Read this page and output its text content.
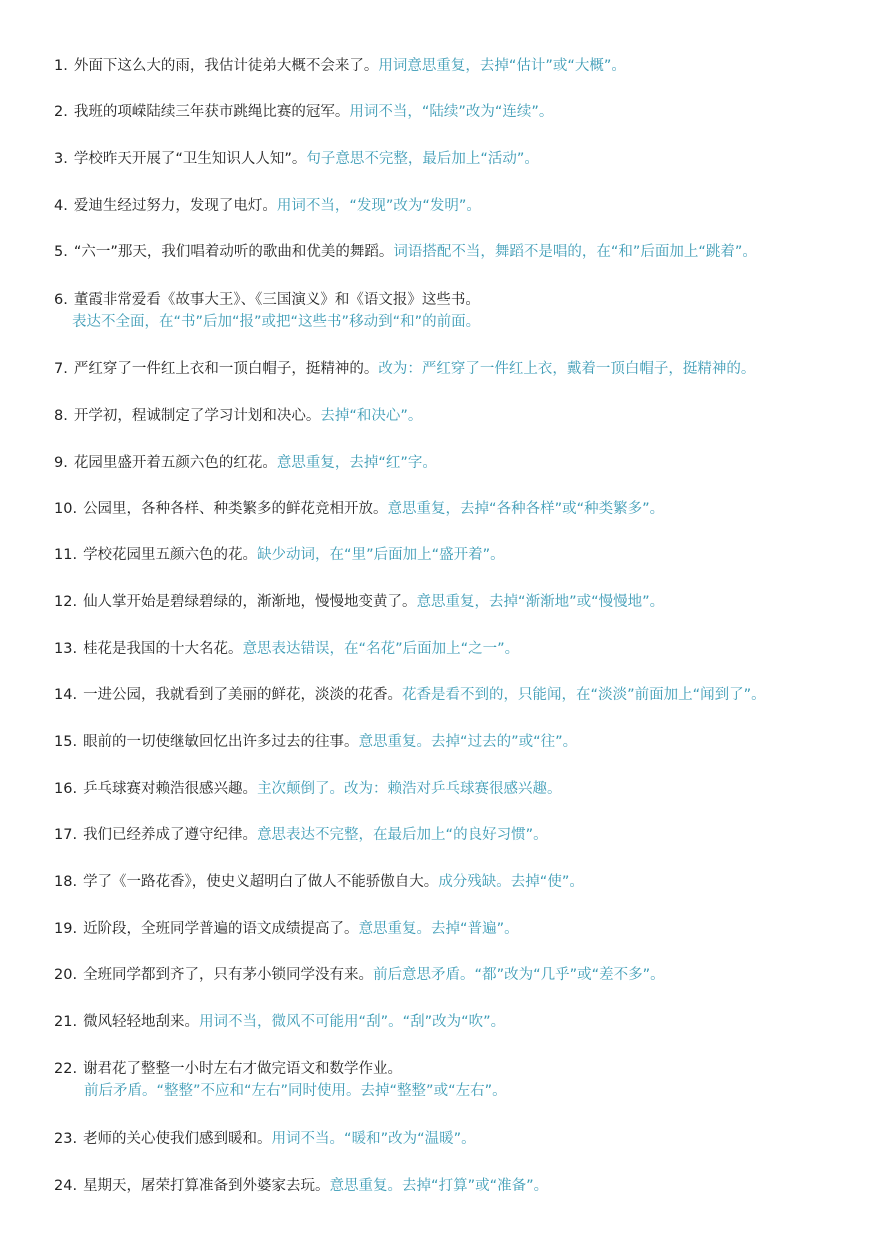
1. 外面下这么大的雨，我估计徒弟大概不会来了。用词意思重复，去掉“估计”或“大概”。
2. 我班的项嵘陆续三年获市跳绳比赛的冠军。用词不当，“陆续”改为“连续”。
3. 学校昨天开展了“卫生知识人人知”。句子意思不完整，最后加上“活动”。
4. 爱迪生经过努力，发现了电灯。用词不当，“发现”改为“发明”。
5. “六一”那天，我们唱着动听的歌曲和优美的舞蹈。词语搭配不当，舞蹈不是唱的，在“和”后面加上“跳着”。
6. 董霞非常爱看《故事大王》、《三国演义》和《语文报》这些书。
表达不全面，在“书”后加“报”或把“这些书”移动到“和”的前面。
7. 严红穿了一件红上衣和一顶白帽子，挺精神的。改为：严红穿了一件红上衣，戴着一顶白帽子，挺精神的。
8. 开学初，程诚制定了学习计划和决心。去掉“和决心”。
9. 花园里盛开着五颜六色的红花。意思重复，去掉“红”字。
10. 公园里，各种各样、种类繁多的鲜花竞相开放。意思重复，去掉“各种各样”或“种类繁多”。
11. 学校花园里五颜六色的花。缺少动词，在“里”后面加上“盛开着”。
12. 仙人掌开始是碧绿碧绿的，渐渐地，慢慢地变黄了。意思重复，去掉“渐渐地”或“慢慢地”。
13. 桂花是我国的十大名花。意思表达错误，在“名花”后面加上“之一”。
14. 一进公园，我就看到了美丽的鲜花，淡淡的花香。花香是看不到的，只能闻，在“淡淡”前面加上“闻到了”。
15. 眼前的一切使继敏回忆出许多过去的往事。意思重复。去掉“过去的”或“往”。
16. 乒乓球赛对赖浩很感兴趣。主次颠倒了。改为：赖浩对乒乓球赛很感兴趣。
17. 我们已经养成了遵守纪律。意思表达不完整，在最后加上“的良好习惯”。
18. 学了《一路花香》，使史义超明白了做人不能骄傲自大。成分残缺。去掉“使”。
19. 近阶段，全班同学普遍的语文成绩提高了。意思重复。去掉“普遍”。
20. 全班同学都到齐了，只有茅小锁同学没有来。前后意思矛盾。“都”改为“几乎”或“差不多”。
21. 微风轻轻地刮来。用词不当，微风不可能用“刮”。“刮”改为“吹”。
22. 谢君花了整整一小时左右才做完语文和数学作业。
前后矛盾。“整整”不应和“左右”同时使用。去掉“整整”或“左右”。
23. 老师的关心使我们感到暖和。用词不当。“暖和”改为“温暖”。
24. 星期天，屠荣打算准备到外婆家去玩。意思重复。去掉“打算”或“准备”。
